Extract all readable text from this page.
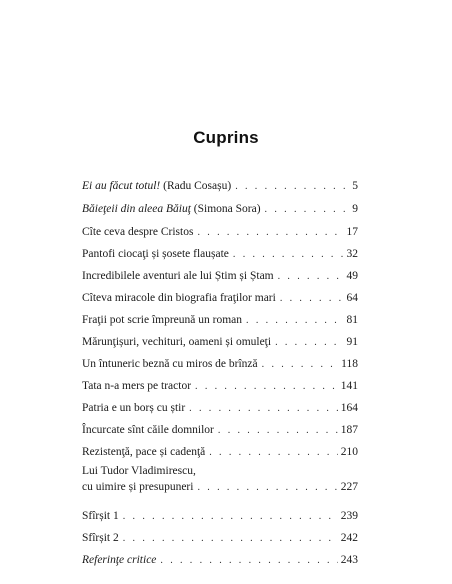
Cuprins
Ei au făcut totul! (Radu Cosașu) . . .	5
Băieţeii din aleea Băiuţ (Simona Sora) . . .	9
Cîte ceva despre Cristos . . .	17
Pantofi ciocaţi și șosete flaușate . . .	32
Incredibilele aventuri ale lui Știm și Ștam . . .	49
Cîteva miracole din biografia fraţilor mari . . .	64
Fraţii pot scrie împreună un roman . . .	81
Mărunţișuri, vechituri, oameni și omuleţi . . .	91
Un întuneric beznă cu miros de brînză . . .	118
Tata n-a mers pe tractor . . .	141
Patria e un borș cu știr . . .	164
Încurcate sînt căile domnilor . . .	187
Rezistenţă, pace și cadenţă . . .	210
Lui Tudor Vladimirescu,
cu uimire și presupuneri . . .	227
Sfîrșit 1 . . .	239
Sfîrșit 2 . . .	242
Referinţe critice . . .	243
